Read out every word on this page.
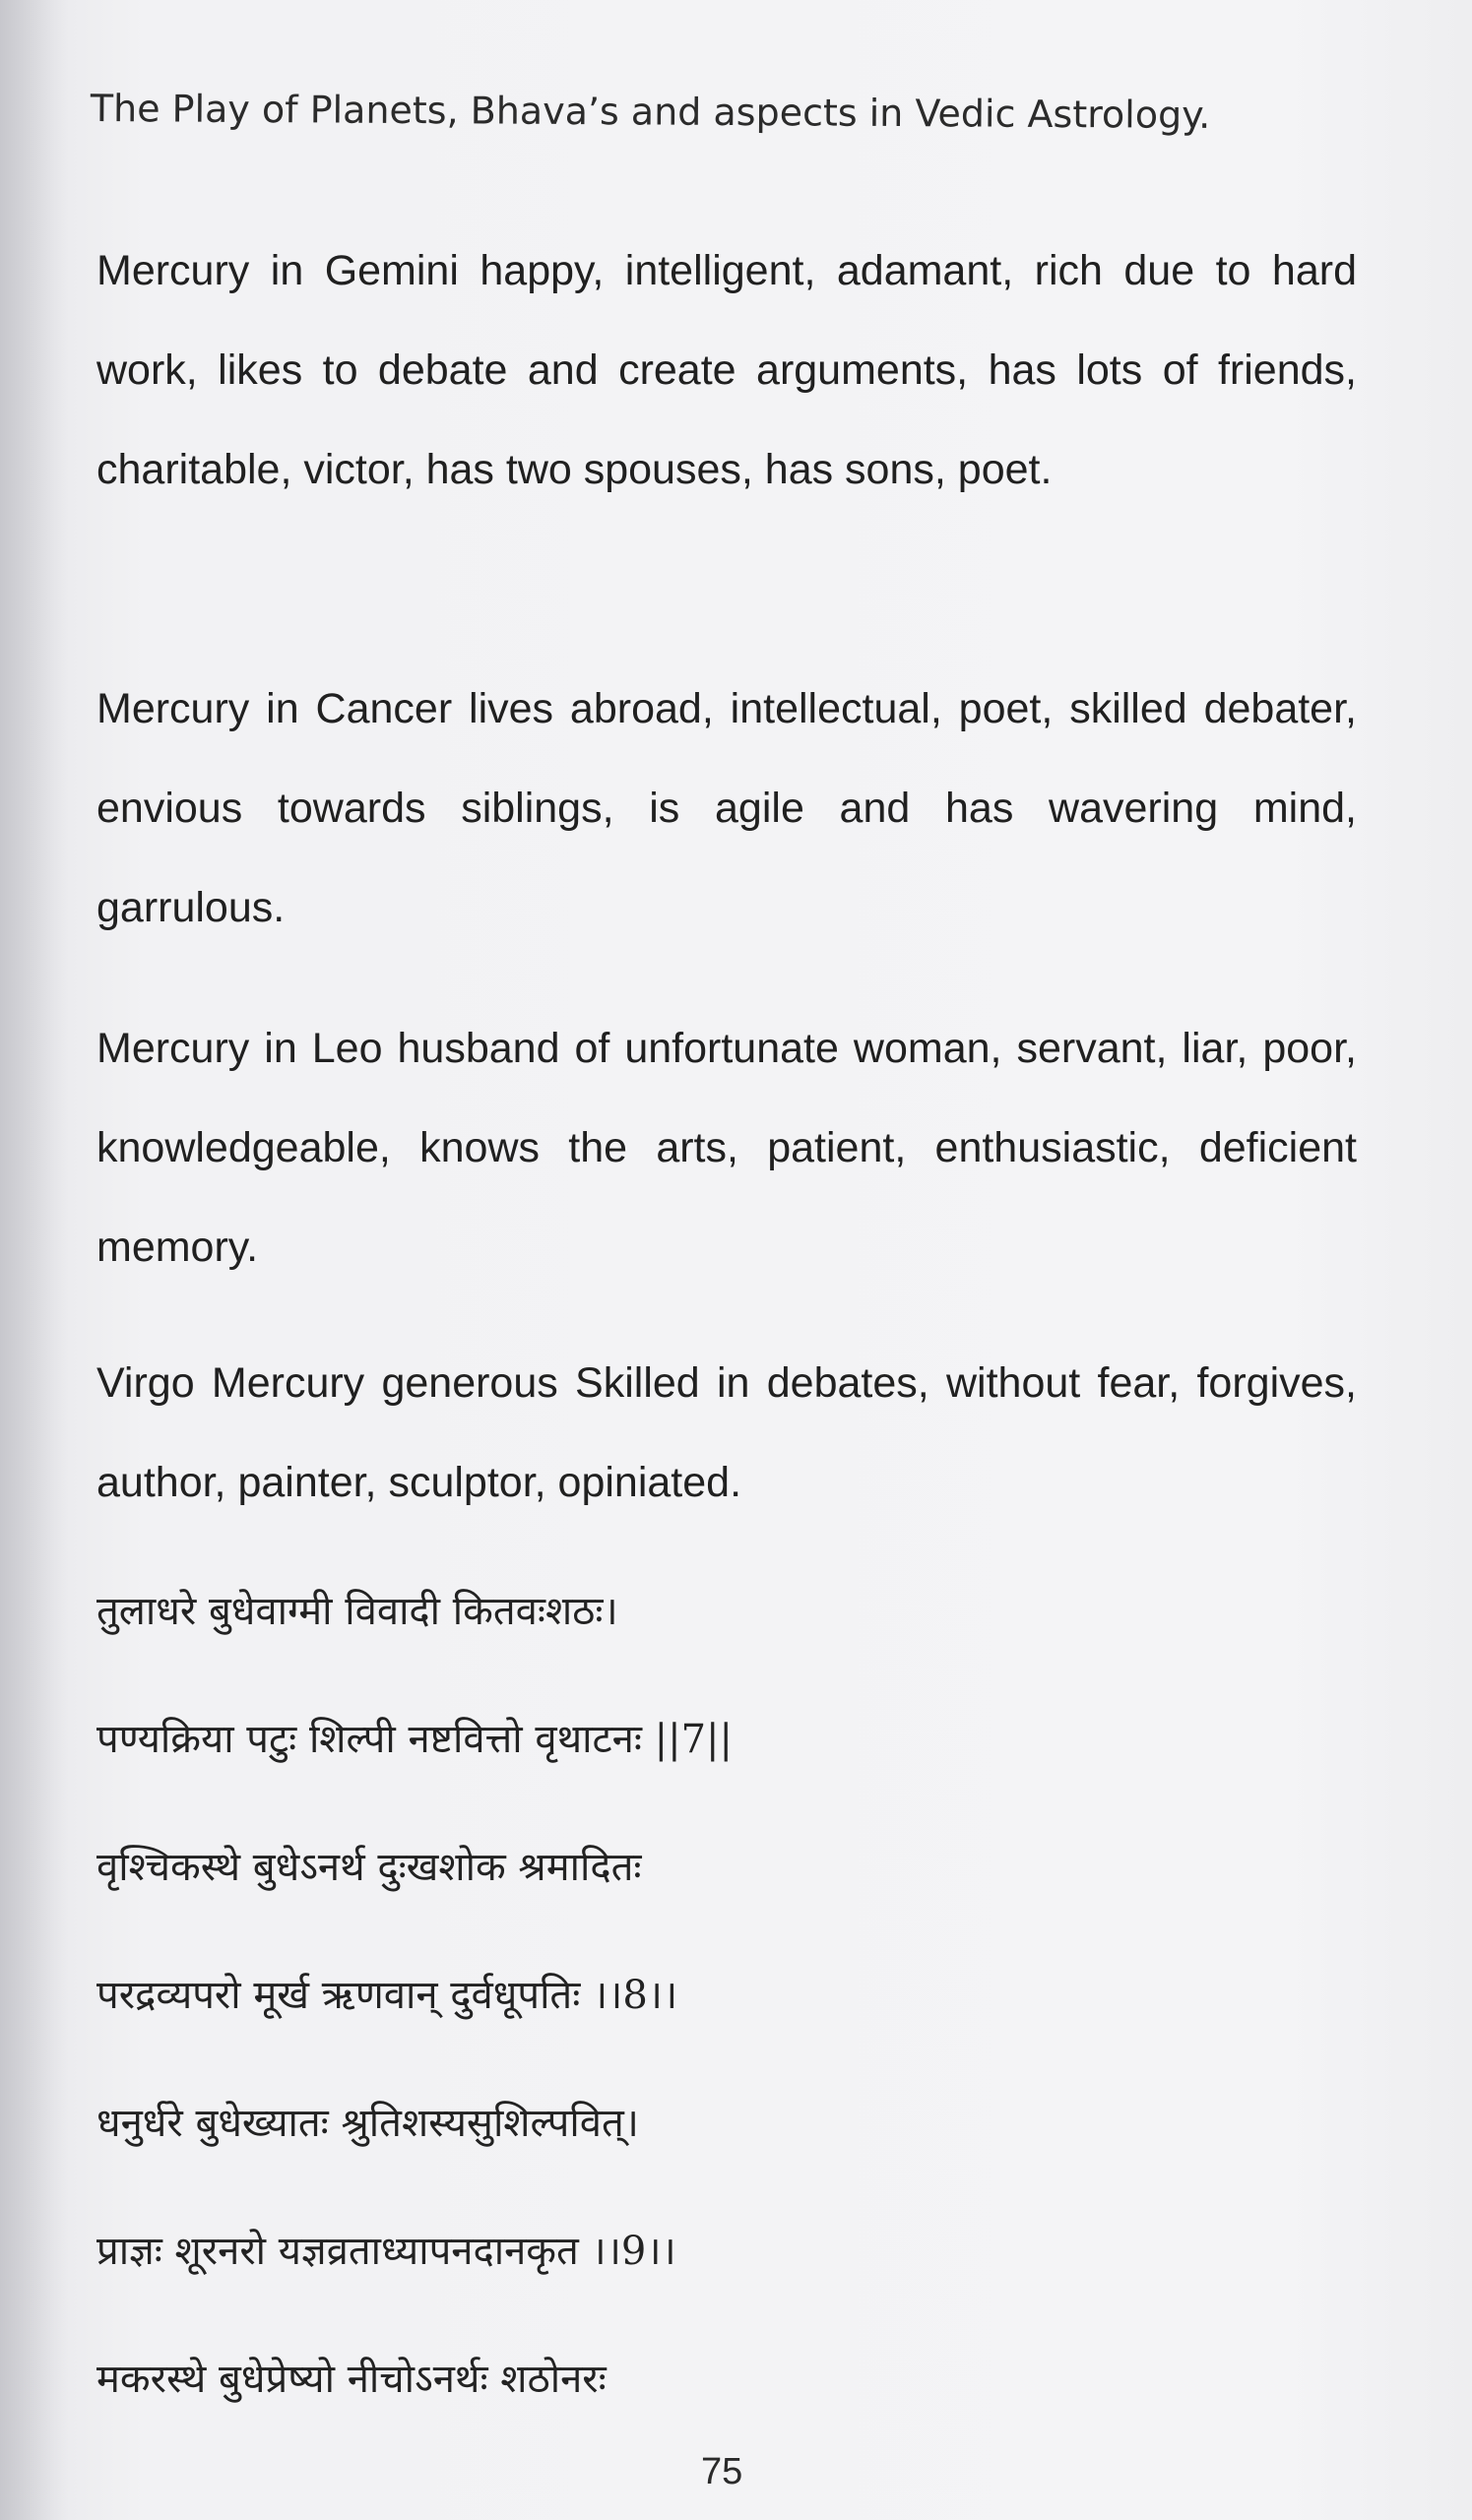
The Play of Planets, Bhava’s and aspects in Vedic Astrology.

Mercury in Gemini happy, intelligent, adamant, rich due to hard work, likes to debate and create arguments, has lots of friends, charitable, victor, has two spouses, has sons, poet.

Mercury in Cancer lives abroad, intellectual, poet, skilled debater, envious towards siblings, is agile and has wavering mind, garrulous.

Mercury in Leo husband of unfortunate woman, servant, liar, poor, knowledgeable, knows the arts, patient, enthusiastic, deficient memory.

Virgo Mercury generous Skilled in debates, without fear, forgives, author, painter, sculptor, opiniated.

तुलाधरे बुधेवाग्मी विवादी कितवःशठः।
पण्यक्रिया पटुः शिल्पी नष्टवित्तो वृथाटनः ||7||
वृश्चिकस्थे बुधेऽनर्थ दुःखशोक श्रमादितः
परद्रव्यपरो मूर्ख ऋणवान् दुर्वधूपतिः ।।8।।
धनुर्धरे बुधेख्यातः श्रुतिशस्यसुशिल्पवित्।
प्राज्ञः शूरनरो यज्ञव्रताध्यापनदानकृत ।।9।।
मकरस्थे बुधेप्रेष्यो नीचोऽनर्थः शठोनरः
75
